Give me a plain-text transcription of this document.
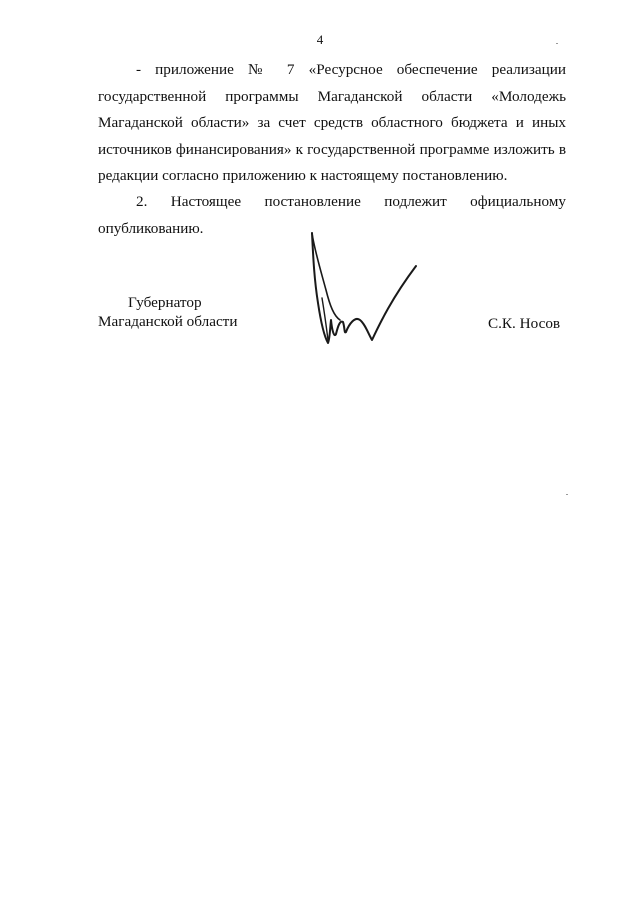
4

- приложение № 7 «Ресурсное обеспечение реализации государственной программы Магаданской области «Молодежь Магаданской области» за счет средств областного бюджета и иных источников финансирования» к государственной программе изложить в редакции согласно приложению к настоящему постановлению.

2. Настоящее постановление подлежит официальному опубликованию.

Губернатор
Магаданской области	С.К. Носов
